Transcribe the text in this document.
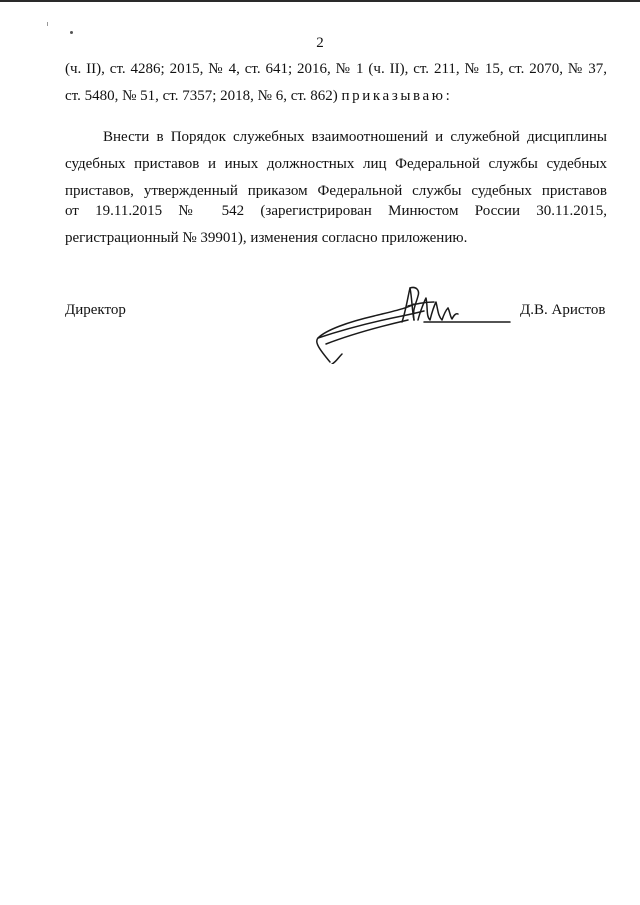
2
(ч. II), ст. 4286; 2015, № 4, ст. 641; 2016, № 1 (ч. II), ст. 211, № 15, ст. 2070, № 37,
ст. 5480, № 51, ст. 7357; 2018, № 6, ст. 862) приказываю:
Внести в Порядок служебных взаимоотношений и служебной дисциплины
судебных приставов и иных должностных лиц Федеральной службы судебных
приставов, утвержденный приказом Федеральной службы судебных приставов
от 19.11.2015 № 542 (зарегистрирован Минюстом России 30.11.2015,
регистрационный № 39901), изменения согласно приложению.
Директор	Д.В. Аристов
